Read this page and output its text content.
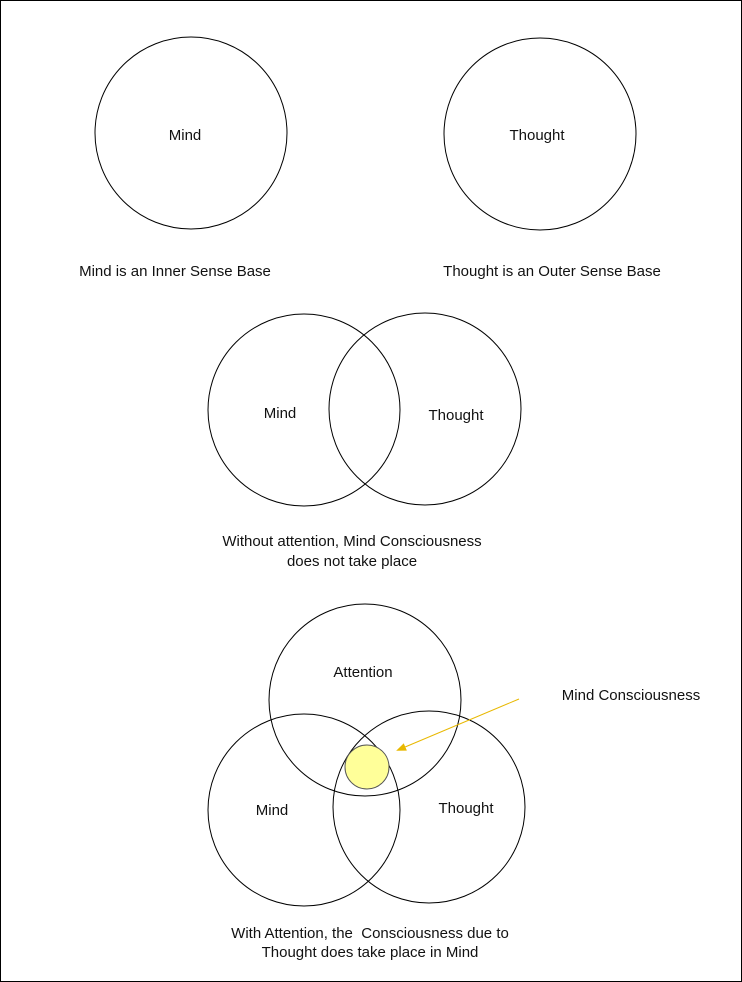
Mind	Thought
Mind is an Inner Sense Base	Thought is an Outer Sense Base
Mind	Thought
Without attention, Mind Consciousness
does not take place
Attention
Mind	Thought
Mind Consciousness
With Attention, the  Consciousness due to
Thought does take place in Mind
